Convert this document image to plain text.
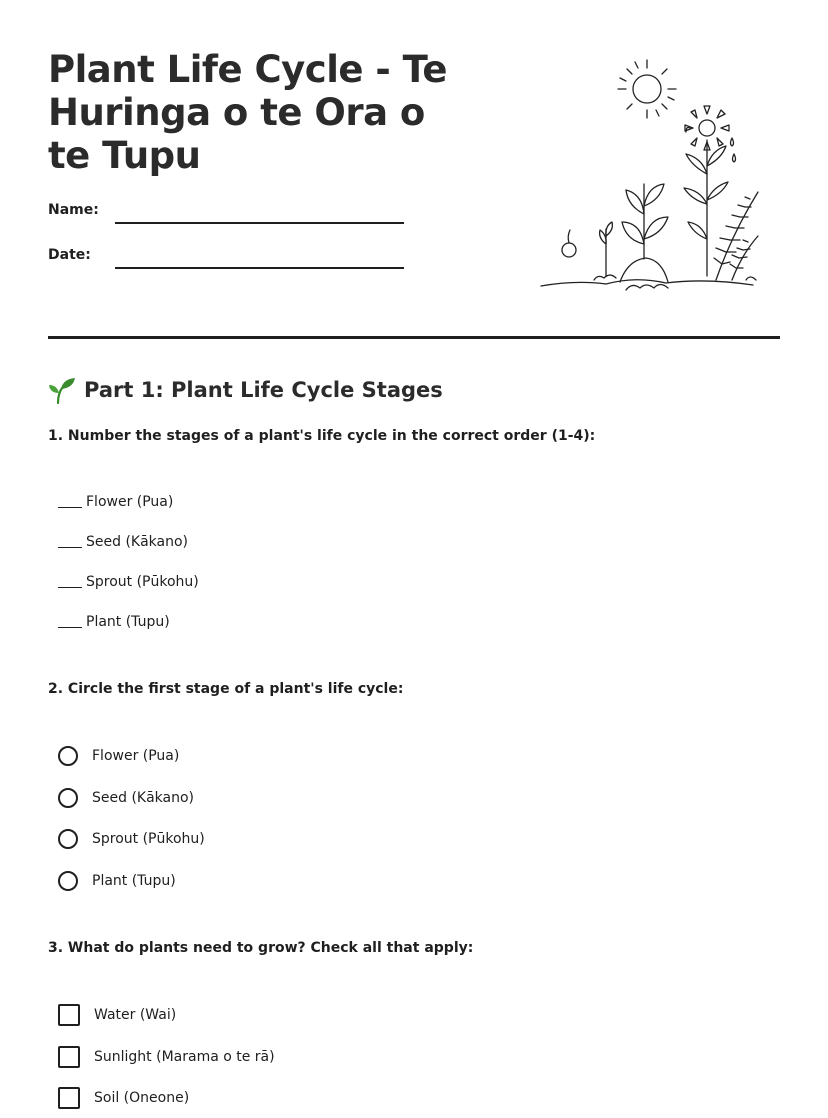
Plant Life Cycle - Te Huringa o te Ora o te Tupu
Name:
Date:
Part 1: Plant Life Cycle Stages
1. Number the stages of a plant's life cycle in the correct order (1-4):
Flower (Pua)
Seed (Kākano)
Sprout (Pūkohu)
Plant (Tupu)
2. Circle the first stage of a plant's life cycle:
Flower (Pua)
Seed (Kākano)
Sprout (Pūkohu)
Plant (Tupu)
3. What do plants need to grow? Check all that apply:
Water (Wai)
Sunlight (Marama o te rā)
Soil (Oneone)
